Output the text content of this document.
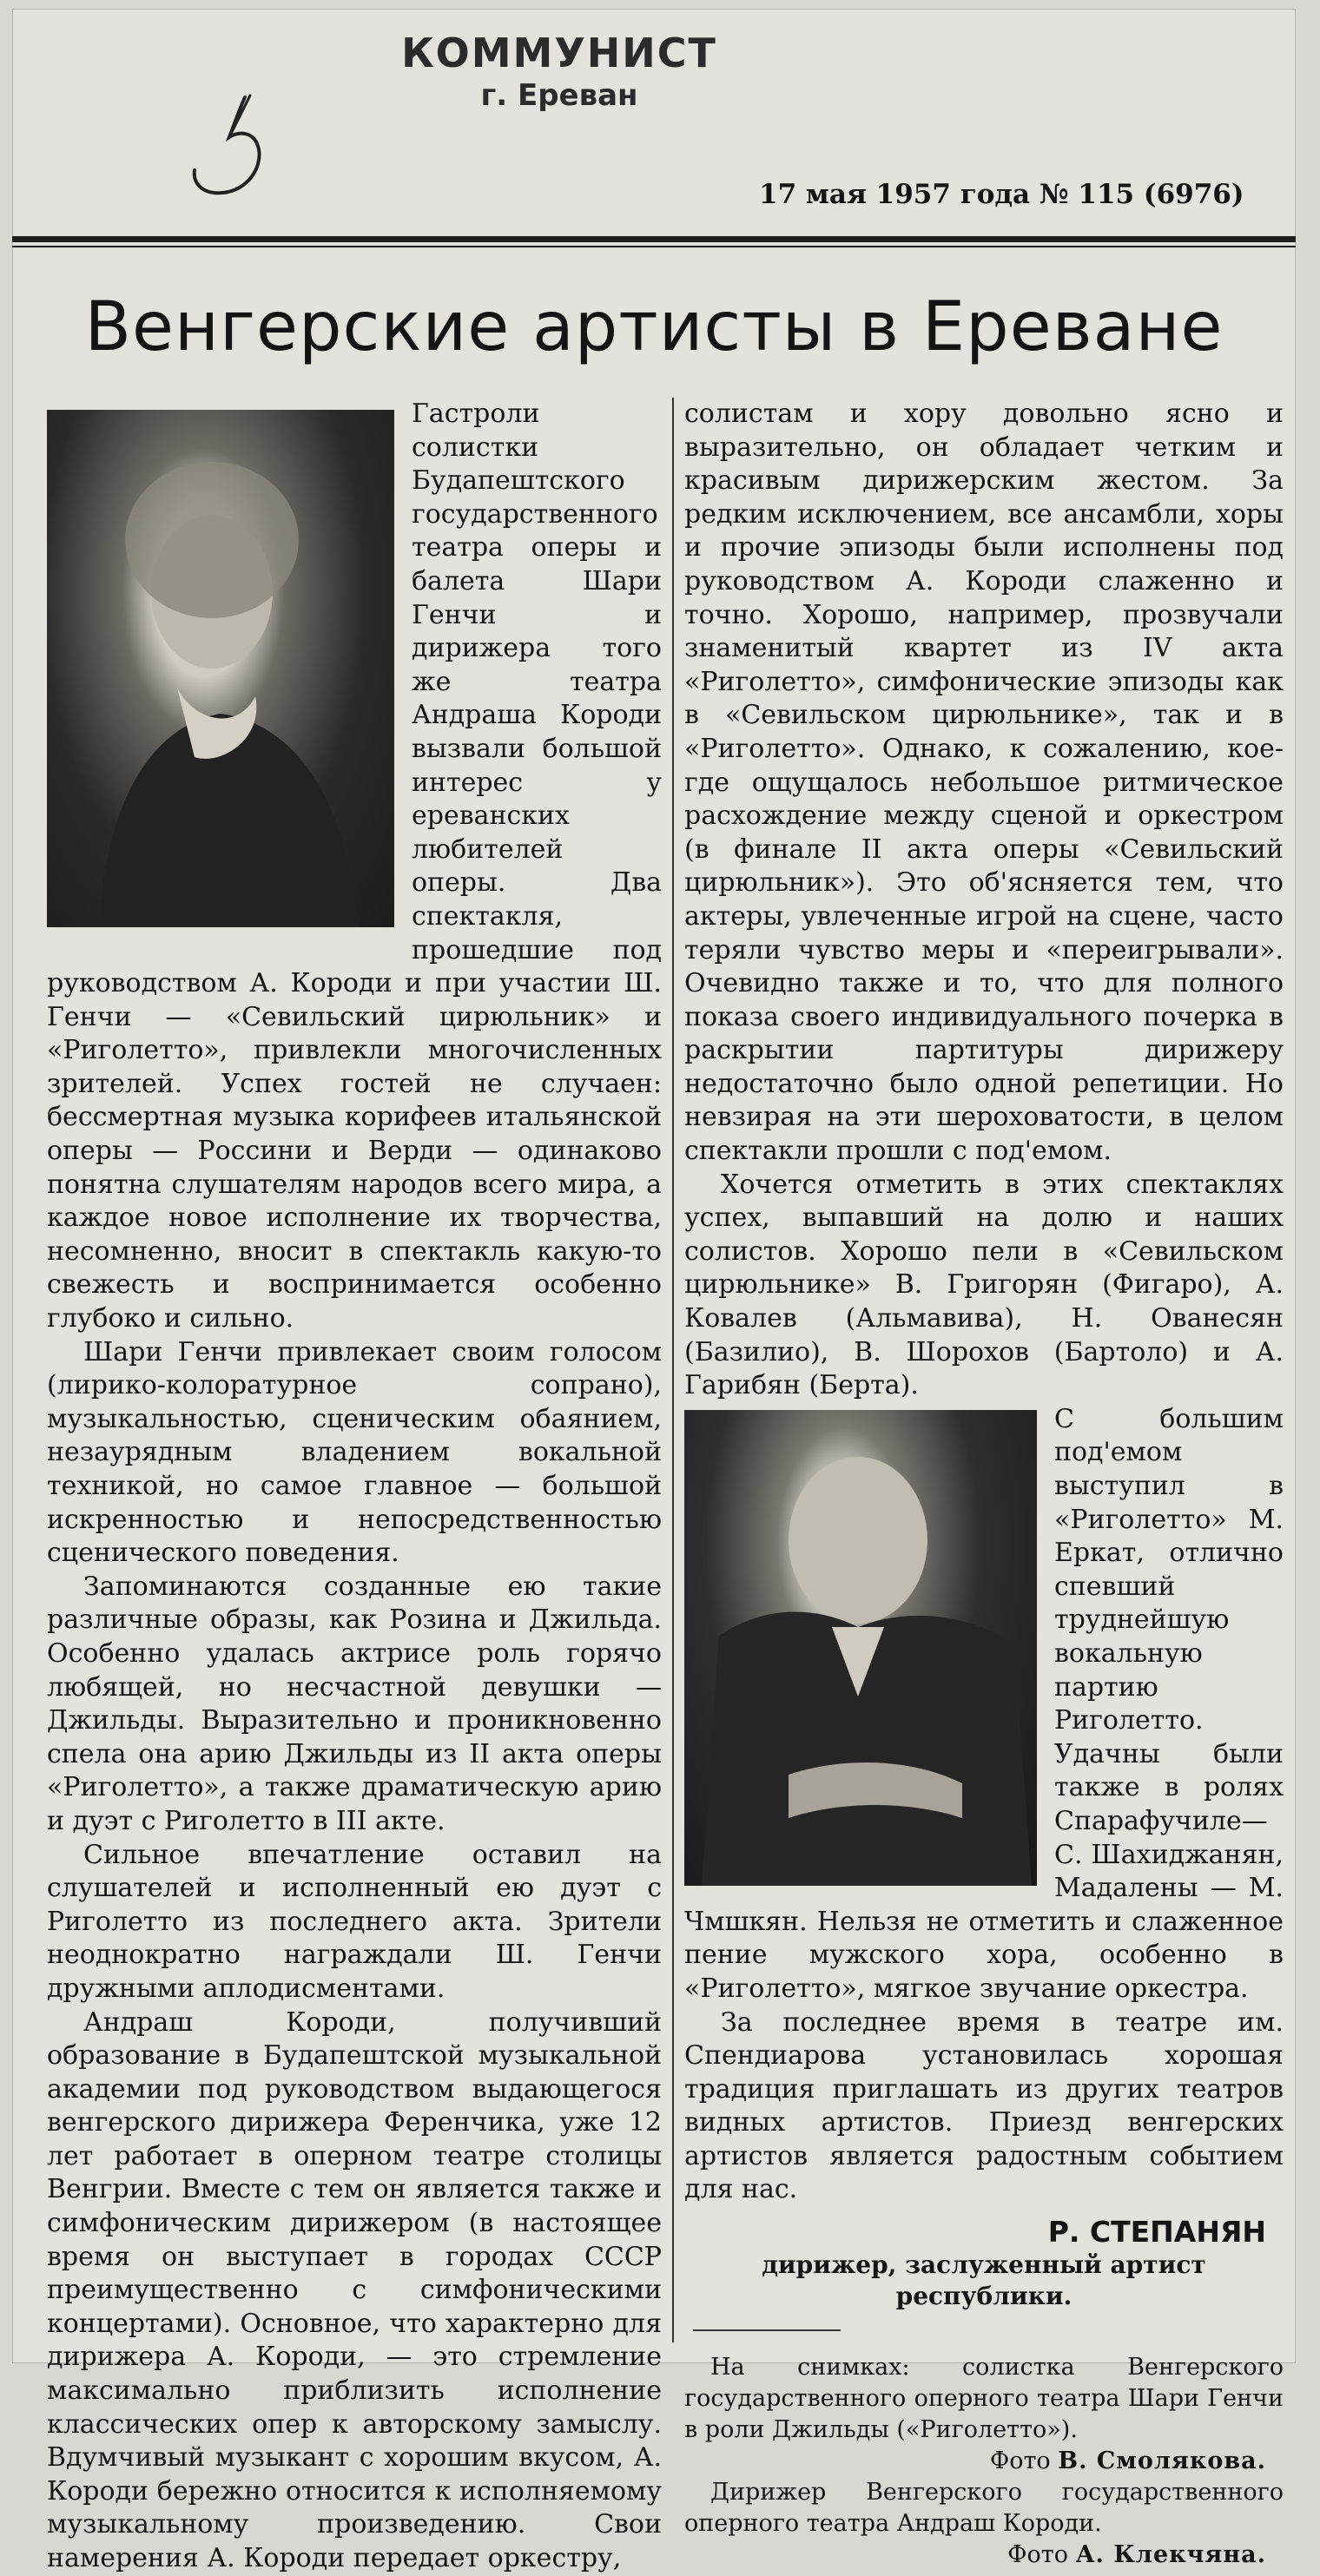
КОММУНИСТ
г. Ереван
17 мая 1957 года № 115 (6976)
Венгерские артисты в Ереване

Гастроли солистки Будапештского государственного театра оперы и балета Шари Генчи и дирижера того же театра Андраша Короди вызвали большой интерес у ереванских любителей оперы. Два спектакля, прошедшие под руководством А. Короди и при участии Ш. Генчи — «Севильский цирюльник» и «Риголетто», привлекли многочисленных зрителей. Успех гостей не случаен: бессмертная музыка корифеев итальянской оперы — Россини и Верди — одинаково понятна слушателям народов всего мира, а каждое новое исполнение их творчества, несомненно, вносит в спектакль какую-то свежесть и воспринимается особенно глубоко и сильно.

Шари Генчи привлекает своим голосом (лирико-колоратурное сопрано), музыкальностью, сценическим обаянием, незаурядным владением вокальной техникой, но самое главное — большой искренностью и непосредственностью сценического поведения.

Запоминаются созданные ею такие различные образы, как Розина и Джильда. Особенно удалась актрисе роль горячо любящей, но несчастной девушки — Джильды. Выразительно и проникновенно спела она арию Джильды из II акта оперы «Риголетто», а также драматическую арию и дуэт с Риголетто в III акте.

Сильное впечатление оставил на слушателей и исполненный ею дуэт с Риголетто из последнего акта. Зрители неоднократно награждали Ш. Генчи дружными аплодисментами.

Андраш Короди, получивший образование в Будапештской музыкальной академии под руководством выдающегося венгерского дирижера Ференчика, уже 12 лет работает в оперном театре столицы Венгрии. Вместе с тем он является также и симфоническим дирижером (в настоящее время он выступает в городах СССР преимущественно с симфоническими концертами). Основное, что характерно для дирижера А. Короди, — это стремление максимально приблизить исполнение классических опер к авторскому замыслу. Вдумчивый музыкант с хорошим вкусом, А. Короди бережно относится к исполняемому музыкальному произведению. Свои намерения А. Короди передает оркестру,

солистам и хору довольно ясно и выразительно, он обладает четким и красивым дирижерским жестом. За редким исключением, все ансамбли, хоры и прочие эпизоды были исполнены под руководством А. Короди слаженно и точно. Хорошо, например, прозвучали знаменитый квартет из IV акта «Риголетто», симфонические эпизоды как в «Севильском цирюльнике», так и в «Риголетто». Однако, к сожалению, кое-где ощущалось небольшое ритмическое расхождение между сценой и оркестром (в финале II акта оперы «Севильский цирюльник»). Это об'ясняется тем, что актеры, увлеченные игрой на сцене, часто теряли чувство меры и «переигрывали». Очевидно также и то, что для полного показа своего индивидуального почерка в раскрытии партитуры дирижеру недостаточно было одной репетиции. Но невзирая на эти шероховатости, в целом спектакли прошли с под'емом.

Хочется отметить в этих спектаклях успех, выпавший на долю и наших солистов. Хорошо пели в «Севильском цирюльнике» В. Григорян (Фигаро), А. Ковалев (Альмавива), Н. Ованесян (Базилио), В. Шорохов (Бартоло) и А. Гарибян (Берта).

С большим под'емом выступил в «Риголетто» М. Еркат, отлично спевший труднейшую вокальную партию Риголетто. Удачны были также в ролях Спарафучиле—С. Шахиджанян, Мадалены — М. Чмшкян. Нельзя не отметить и слаженное пение мужского хора, особенно в «Риголетто», мягкое звучание оркестра.

За последнее время в театре им. Спендиарова установилась хорошая традиция приглашать из других театров видных артистов. Приезд венгерских артистов является радостным событием для нас.

Р. СТЕПАНЯН
дирижер, заслуженный артист республики.

На снимках: солистка Венгерского государственного оперного театра Шари Генчи в роли Джильды («Риголетто»).

Фото В. Смолякова.

Дирижер Венгерского государственного оперного театра Андраш Короди.

Фото А. Клекчяна.
